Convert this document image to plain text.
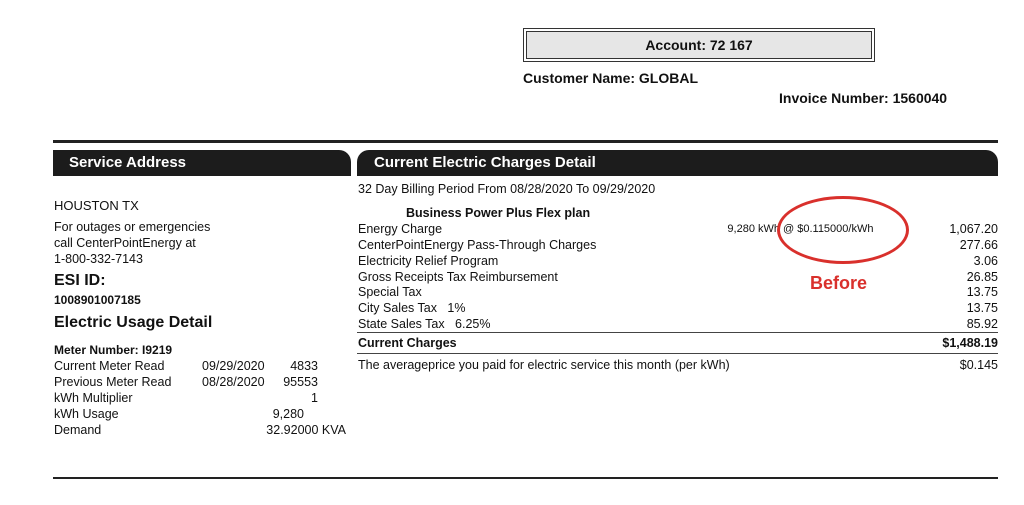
Account: 72 167
Customer Name: GLOBAL
Invoice Number: 1560040
Service Address	Current Electric Charges Detail
HOUSTON TX
For outages or emergencies
call CenterPointEnergy at
1-800-332-7143
ESI ID:
1008901007185
Electric Usage Detail
Meter Number: I9219
Current Meter Read	09/29/2020	4833
Previous Meter Read 08/28/2020	95553
kWh Multiplier	1
kWh Usage	9,280
Demand	32.92000 KVA
32 Day Billing Period From 08/28/2020 To 09/29/2020
Business Power Plus Flex plan
Energy Charge	9,280 kWh @ $0.115000/kWh	1,067.20
CenterPointEnergy Pass-Through Charges	277.66
Electricity Relief Program	3.06
Gross Receipts Tax Reimbursement	26.85
Special Tax	13.75
City Sales Tax   1%	13.75
State Sales Tax   6.25%	85.92
Current Charges	$1,488.19
The averageprice you paid for electric service this month (per kWh)	$0.145
Before
